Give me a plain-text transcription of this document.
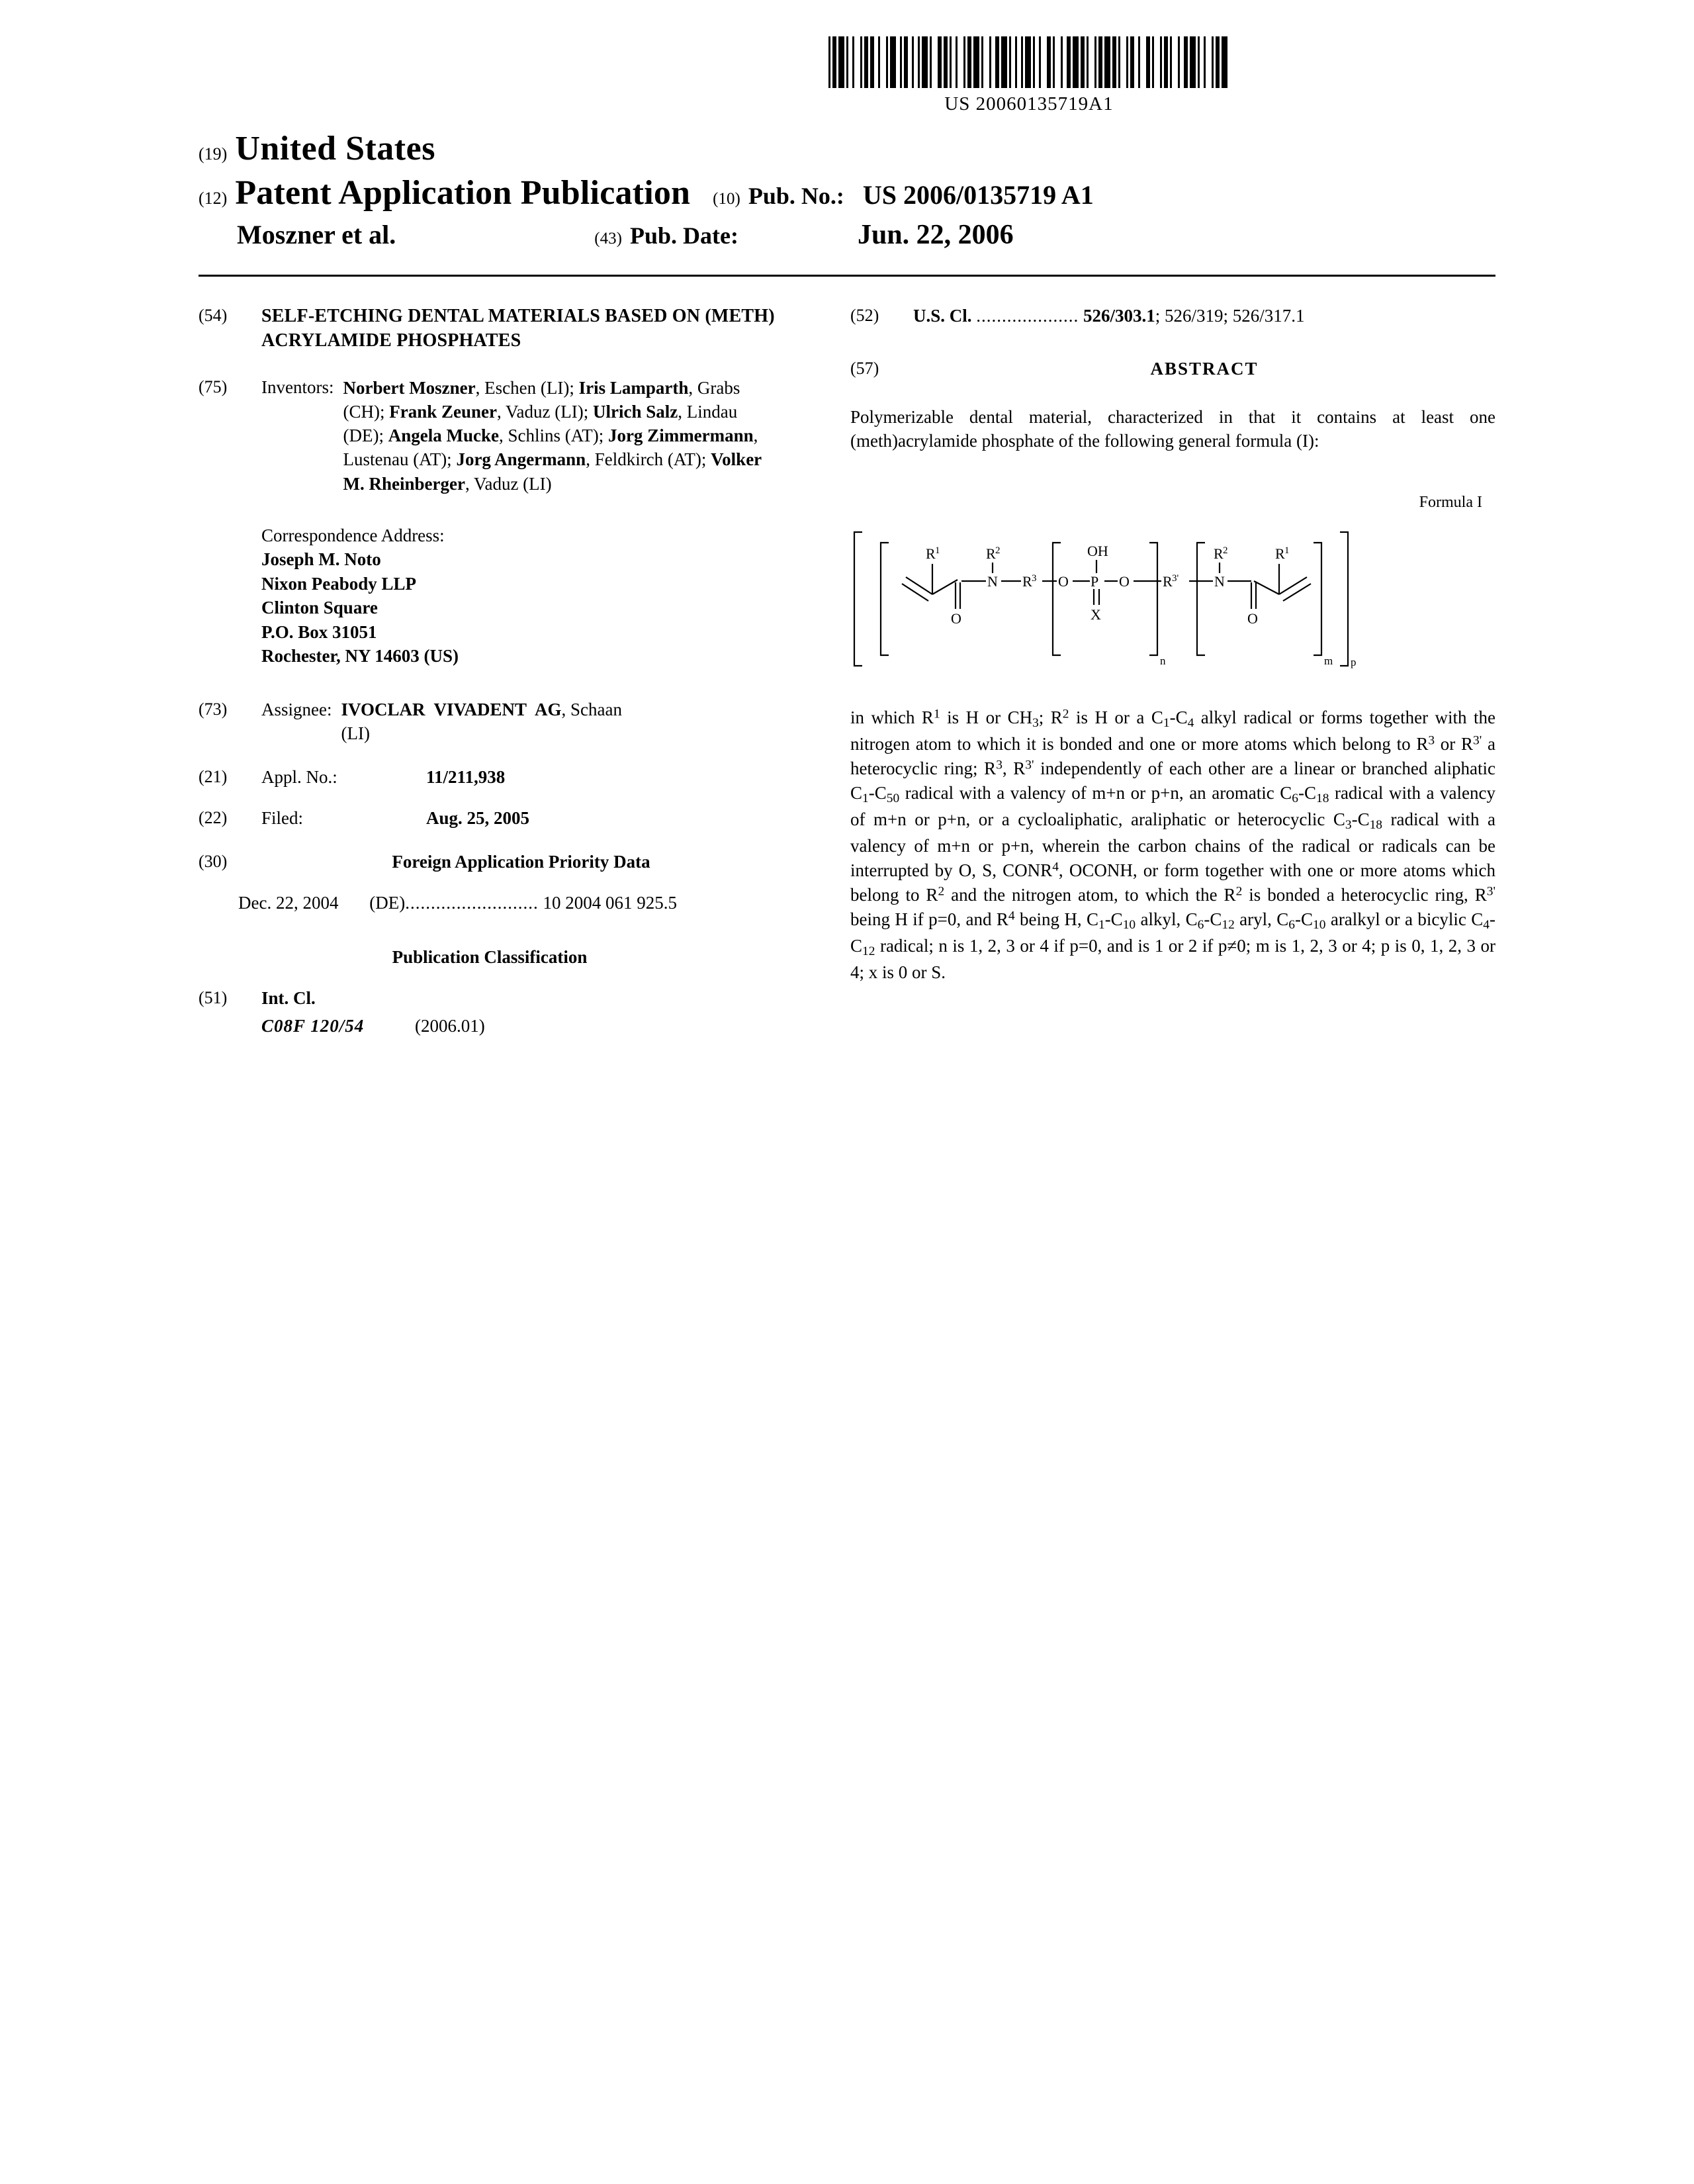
US 20060135719A1
(19) United States
(12) Patent Application Publication (10) Pub. No.: US 2006/0135719 A1
Moszner et al.	(43) Pub. Date:	Jun. 22, 2006
(54)	SELF-ETCHING DENTAL MATERIALS BASED ON (METH) ACRYLAMIDE PHOSPHATES
(75)	Inventors: Norbert Moszner, Eschen (LI); Iris Lamparth, Grabs (CH); Frank Zeuner, Vaduz (LI); Ulrich Salz, Lindau (DE); Angela Mucke, Schlins (AT); Jorg Zimmermann, Lustenau (AT); Jorg Angermann, Feldkirch (AT); Volker M. Rheinberger, Vaduz (LI)
Correspondence Address:
Joseph M. Noto
Nixon Peabody LLP
Clinton Square
P.O. Box 31051
Rochester, NY 14603 (US)
(73)	Assignee: IVOCLAR  VIVADENT  AG, Schaan
(LI)
(21)	Appl. No.:	11/211,938
(22)	Filed:	Aug. 25, 2005
(30)	Foreign Application Priority Data
Dec. 22, 2004 (DE).......................... 10 2004 061 925.5
Publication Classification
(51)	Int. Cl.
C08F 120/54	(2006.01)
(52)	U.S. Cl. .................... 526/303.1; 526/319; 526/317.1
(57)	ABSTRACT
Polymerizable dental material, characterized in that it contains at least one (meth)acrylamide phosphate of the following general formula (I):
Formula I
R 1	R 2
N
O
m
R 3 O
OH
P
X
O
n
R 3' N
R 2	R 1
O
p
in which $R^1$ is H or $CH_3$; $R^2$ is H or a $C_1-C_4$ alkyl radical or forms together with the nitrogen atom to which it is bonded and one or more atoms which belong to $R^3$ or $R^{3'}$ a heterocyclic ring; $R^3$, $R^{3'}$ independently of each other are a linear or branched aliphatic $C_1-C_{50}$ radical with a valency of m+n or p+n, an aromatic $C_6-C_{18}$ radical with a valency of m+n or p+n, or a cycloaliphatic, araliphatic or heterocyclic $C_3-C_{18}$ radical with a valency of m+n or p+n, wherein the carbon chains of the radical or radicals can be interrupted by O, S, CONR$^4$, OCONH, or form together with one or more atoms which belong to $R^2$ and the nitrogen atom, to which the $R^2$ is bonded a heterocyclic ring, $R^{3'}$ being H if p=0, and $R^4$ being H, $C_1-C_{10}$ alkyl, $C_6-C_{12}$ aryl, $C_6-C_{10}$ aralkyl or a bicylic $C_4-C_{12}$ radical; n is 1, 2, 3 or 4 if p=0, and is 1 or 2 if p≠0; m is 1, 2, 3 or 4; p is 0, 1, 2, 3 or 4; x is 0 or S.
